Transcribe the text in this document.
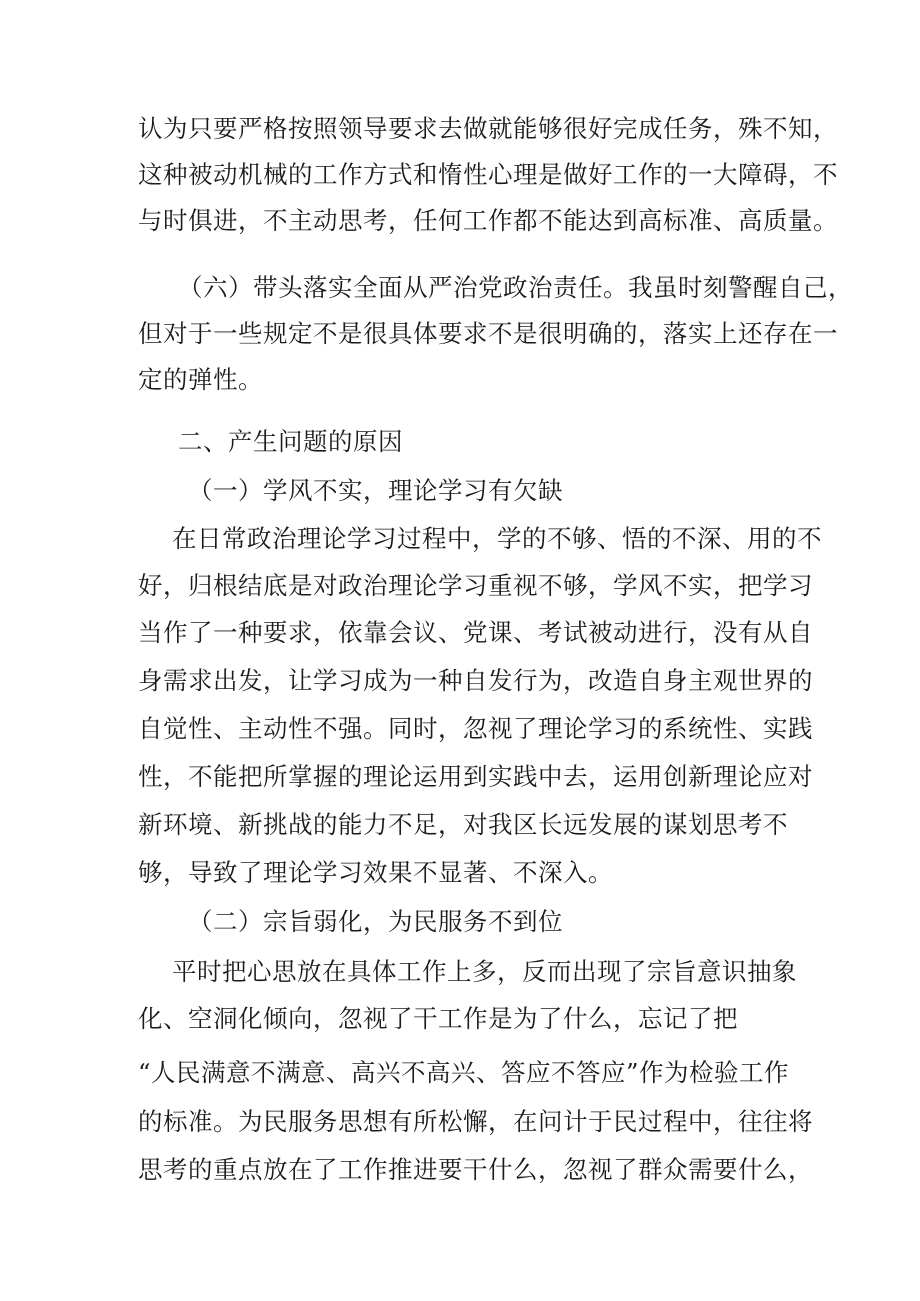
认为只要严格按照领导要求去做就能够很好完成任务，殊不知，
这种被动机械的工作方式和惰性心理是做好工作的一大障碍，不
与时俱进，不主动思考，任何工作都不能达到高标准、高质量。
（六）带头落实全面从严治党政治责任。我虽时刻警醒自己，
但对于一些规定不是很具体要求不是很明确的，落实上还存在一
定的弹性。
二、产生问题的原因
（一）学风不实，理论学习有欠缺
在日常政治理论学习过程中，学的不够、悟的不深、用的不
好，归根结底是对政治理论学习重视不够，学风不实，把学习
当作了一种要求，依靠会议、党课、考试被动进行，没有从自
身需求出发，让学习成为一种自发行为，改造自身主观世界的
自觉性、主动性不强。同时，忽视了理论学习的系统性、实践
性，不能把所掌握的理论运用到实践中去，运用创新理论应对
新环境、新挑战的能力不足，对我区长远发展的谋划思考不
够，导致了理论学习效果不显著、不深入。
（二）宗旨弱化，为民服务不到位
平时把心思放在具体工作上多，反而出现了宗旨意识抽象
化、空洞化倾向，忽视了干工作是为了什么，忘记了把
“人民满意不满意、高兴不高兴、答应不答应”作为检验工作
的标准。为民服务思想有所松懈，在问计于民过程中，往往将
思考的重点放在了工作推进要干什么，忽视了群众需要什么，
